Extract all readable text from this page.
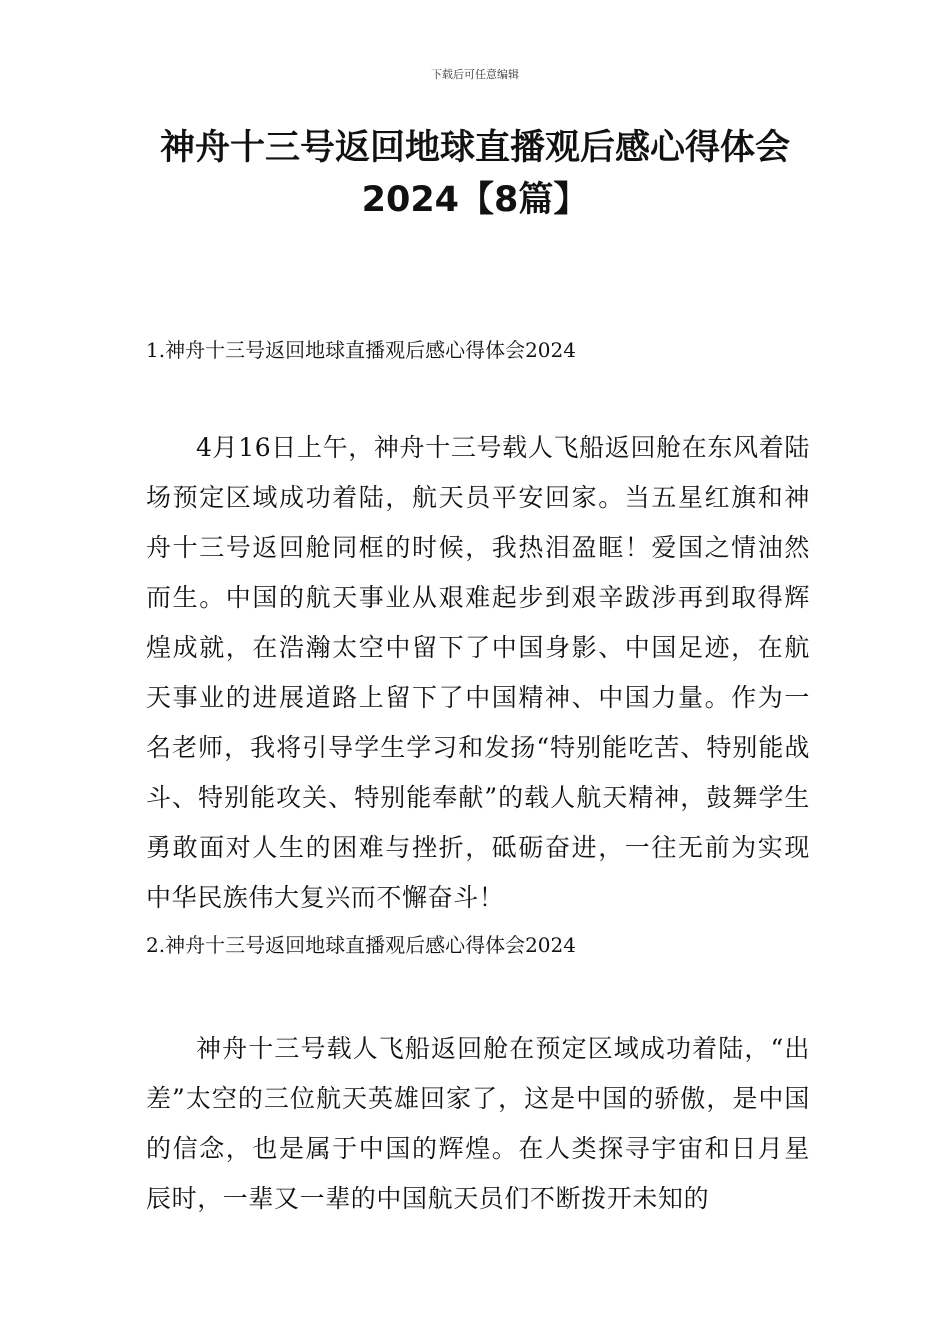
下载后可任意编辑
神舟十三号返回地球直播观后感心得体会
2024【8篇】

1.神舟十三号返回地球直播观后感心得体会2024

4月16日上午，神舟十三号载人飞船返回舱在东风着陆场预定区域成功着陆，航天员平安回家。当五星红旗和神舟十三号返回舱同框的时候，我热泪盈眶！爱国之情油然而生。中国的航天事业从艰难起步到艰辛跋涉再到取得辉煌成就，在浩瀚太空中留下了中国身影、中国足迹，在航天事业的进展道路上留下了中国精神、中国力量。作为一名老师，我将引导学生学习和发扬“特别能吃苦、特别能战斗、特别能攻关、特别能奉献”的载人航天精神，鼓舞学生勇敢面对人生的困难与挫折，砥砺奋进，一往无前为实现中华民族伟大复兴而不懈奋斗！

2.神舟十三号返回地球直播观后感心得体会2024

神舟十三号载人飞船返回舱在预定区域成功着陆，“出差”太空的三位航天英雄回家了，这是中国的骄傲，是中国的信念，也是属于中国的辉煌。在人类探寻宇宙和日月星辰时，一辈又一辈的中国航天员们不断拨开未知的
